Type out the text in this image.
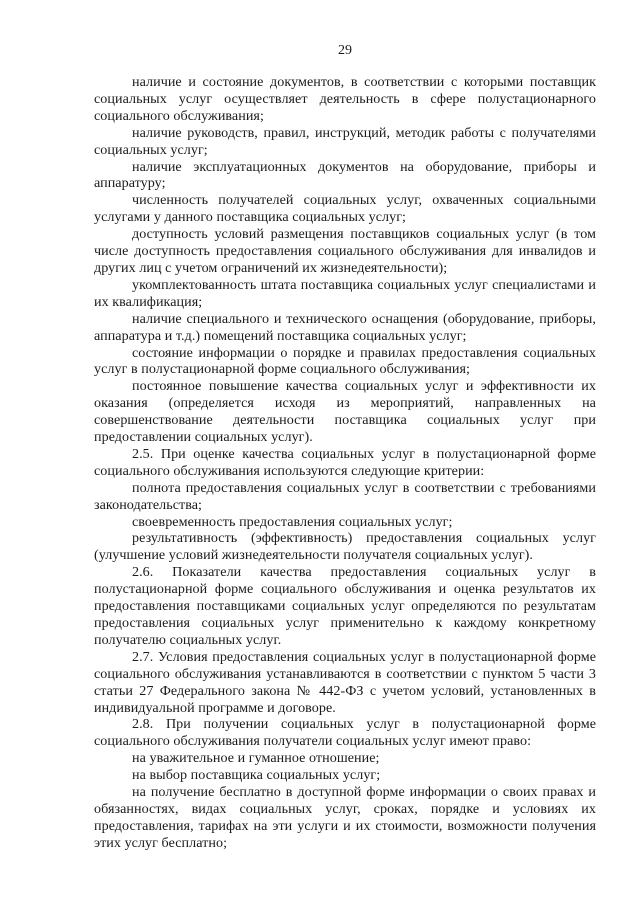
29

наличие и состояние документов, в соответствии с которыми поставщик социальных услуг осуществляет деятельность в сфере полустационарного социального обслуживания;

наличие руководств, правил, инструкций, методик работы с получателями социальных услуг;

наличие эксплуатационных документов на оборудование, приборы и аппаратуру;

численность получателей социальных услуг, охваченных социальными услугами у данного поставщика социальных услуг;

доступность условий размещения поставщиков социальных услуг (в том числе доступность предоставления социального обслуживания для инвалидов и других лиц с учетом ограничений их жизнедеятельности);

укомплектованность штата поставщика социальных услуг специалистами и их квалификация;

наличие специального и технического оснащения (оборудование, приборы, аппаратура и т.д.) помещений поставщика социальных услуг;

состояние информации о порядке и правилах предоставления социальных услуг в полустационарной форме социального обслуживания;

постоянное повышение качества социальных услуг и эффективности их оказания (определяется исходя из мероприятий, направленных на совершенствование деятельности поставщика социальных услуг при предоставлении социальных услуг).

2.5. При оценке качества социальных услуг в полустационарной форме социального обслуживания используются следующие критерии:

полнота предоставления социальных услуг в соответствии с требованиями законодательства;

своевременность предоставления социальных услуг;

результативность (эффективность) предоставления социальных услуг (улучшение условий жизнедеятельности получателя социальных услуг).

2.6. Показатели качества предоставления социальных услуг в полустационарной форме социального обслуживания и оценка результатов их предоставления поставщиками социальных услуг определяются по результатам предоставления социальных услуг применительно к каждому конкретному получателю социальных услуг.

2.7. Условия предоставления социальных услуг в полустационарной форме социального обслуживания устанавливаются в соответствии с пунктом 5 части 3 статьи 27 Федерального закона № 442-ФЗ с учетом условий, установленных в индивидуальной программе и договоре.

2.8. При получении социальных услуг в полустационарной форме социального обслуживания получатели социальных услуг имеют право:

на уважительное и гуманное отношение;

на выбор поставщика социальных услуг;

на получение бесплатно в доступной форме информации о своих правах и обязанностях, видах социальных услуг, сроках, порядке и условиях их предоставления, тарифах на эти услуги и их стоимости, возможности получения этих услуг бесплатно;
